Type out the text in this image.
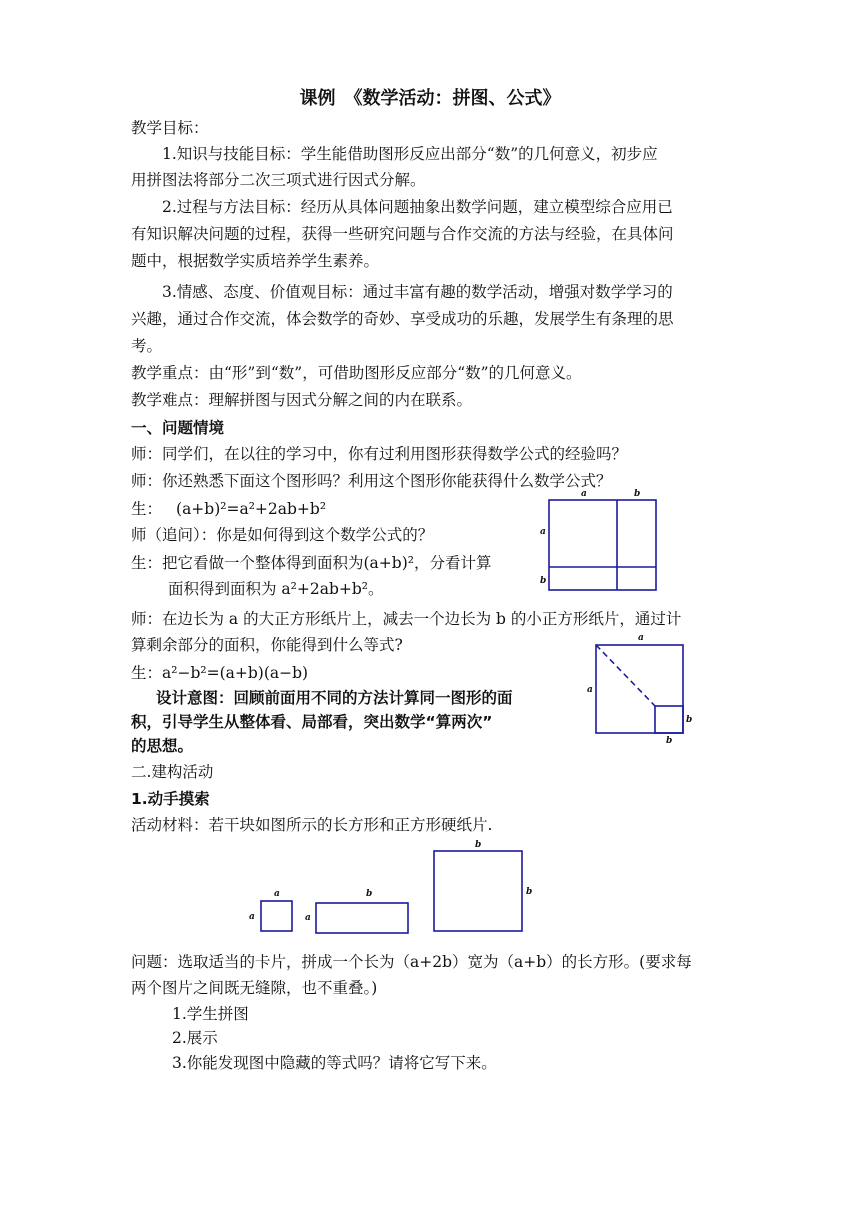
课例　《数学活动：拼图、公式》
教学目标：
1.知识与技能目标：学生能借助图形反应出部分“数”的几何意义，初步应
用拼图法将部分二次三项式进行因式分解。
2.过程与方法目标：经历从具体问题抽象出数学问题，建立模型综合应用已
有知识解决问题的过程，获得一些研究问题与合作交流的方法与经验，在具体问
题中，根据数学实质培养学生素养。
3.情感、态度、价值观目标：通过丰富有趣的数学活动，增强对数学学习的
兴趣，通过合作交流，体会数学的奇妙、享受成功的乐趣，发展学生有条理的思
考。
教学重点：由“形”到“数”，可借助图形反应部分“数”的几何意义。
教学难点：理解拼图与因式分解之间的内在联系。
一、问题情境
师：同学们，在以往的学习中，你有过利用图形获得数学公式的经验吗？
师：你还熟悉下面这个图形吗？利用这个图形你能获得什么数学公式？
生： (a+b)²=a²+2ab+b²
师（追问）：你是如何得到这个数学公式的？
生：把它看做一个整体得到面积为(a+b)²，分看计算
面积得到面积为 a²+2ab+b²。
师：在边长为 a 的大正方形纸片上，减去一个边长为 b 的小正方形纸片，通过计
算剩余部分的面积，你能得到什么等式?
生：a²−b²=(a+b)(a−b)
设计意图：回顾前面用不同的方法计算同一图形的面
积，引导学生从整体看、局部看，突出数学“算两次”
的思想。
二.建构活动
1.动手摸索
活动材料：若干块如图所示的长方形和正方形硬纸片.
问题：选取适当的卡片，拼成一个长为（a+2b）宽为（a+b）的长方形。(要求每
两个图片之间既无缝隙，也不重叠。)
1.学生拼图
2.展示
3.你能发现图中隐藏的等式吗？请将它写下来。
a	b
a
b
a
a
b
b
a
a
b
a
b
b
